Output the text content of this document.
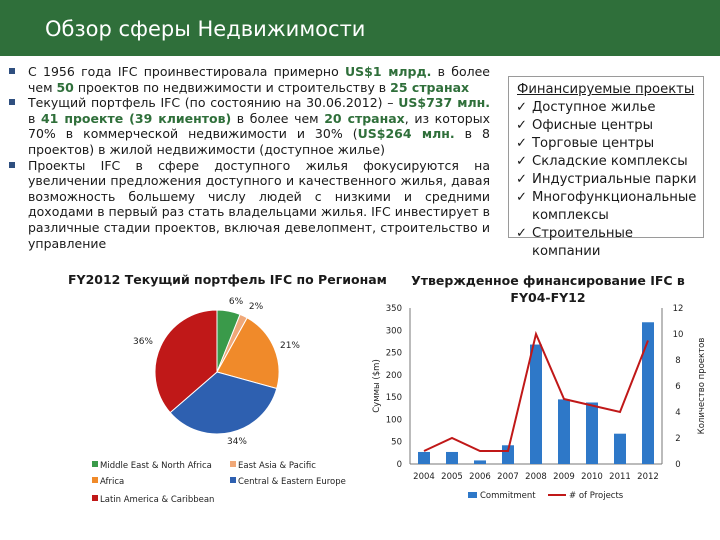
Обзор сферы Недвижимости
С 1956 года IFC проинвестировала примерно US$1 млрд. в более чем 50 проектов по недвижимости и строительству в 25 странах
Текущий портфель IFC (по состоянию на 30.06.2012) – US$737 млн. в 41 проекте (39 клиентов) в более чем 20 странах, из которых 70% в коммерческой недвижимости и 30% (US$264 млн. в 8 проектов) в жилой недвижимости (доступное жилье)
Проекты IFC в сфере доступного жилья фокусируются на увеличении предложения доступного и качественного жилья, давая возможность большему числу людей с низкими и средними доходами в первый раз стать владельцами жилья. IFC инвестирует в различные стадии проектов, включая девелопмент, строительство и управление
Финансируемые проекты
✓ Доступное жилье
✓ Офисные центры
✓ Торговые центры
✓ Складские комплексы
✓ Индустриальные парки
✓ Многофункциональные комплексы
✓ Строительные компании
FY2012 Текущий портфель IFC по Регионам	Утвержденное финансирование IFC в FY04-FY12
6% 2%
21%
34%
36%
Middle East & North Africa	East Asia & Pacific
Africa	Central & Eastern Europe
Latin America & Caribbean
0
50
100
150
200
250
300
350
0
2
4
6
8
10
12
2004 2005 2006 2007 2008 2009 2010 2011 2012
Суммы ($m)	Количество проектов
Commitment	# of Projects
